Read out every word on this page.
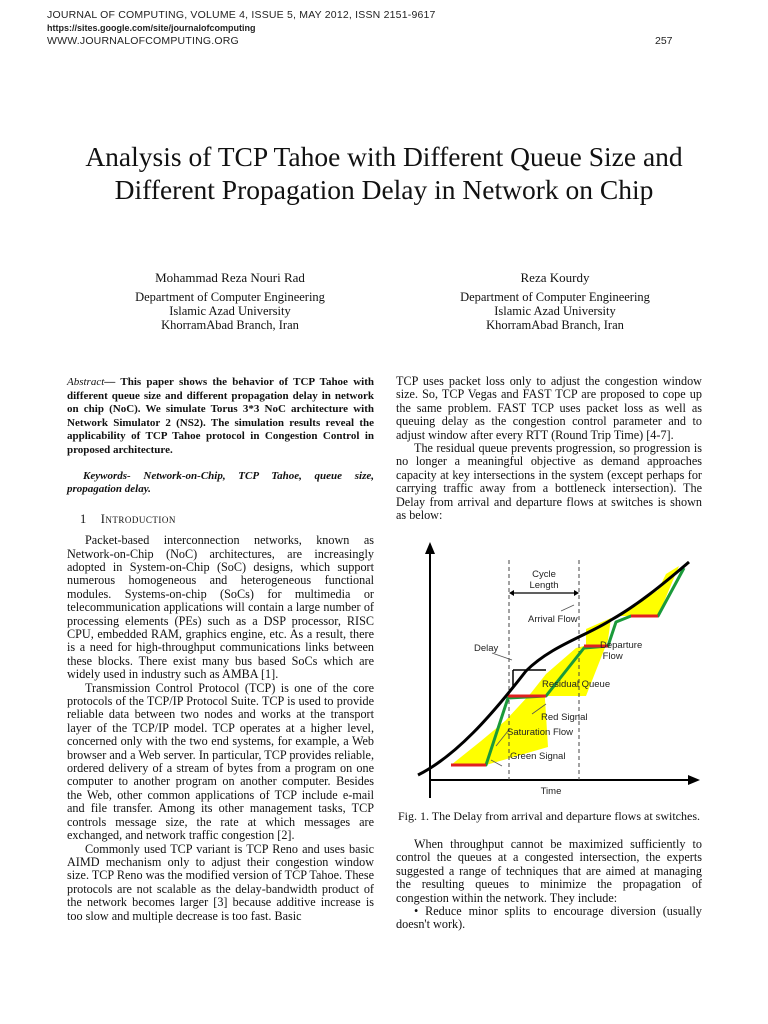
JOURNAL OF COMPUTING, VOLUME 4, ISSUE 5, MAY 2012, ISSN 2151-9617
https://sites.google.com/site/journalofcomputing
WWW.JOURNALOFCOMPUTING.ORG	257
Analysis of TCP Tahoe with Different Queue Size and Different Propagation Delay in Network on Chip
Mohammad Reza Nouri Rad
Department of Computer Engineering
Islamic Azad University
KhorramAbad Branch, Iran
Reza Kourdy
Department of Computer Engineering
Islamic Azad University
KhorramAbad Branch, Iran

Abstract— This paper shows the behavior of TCP Tahoe with different queue size and different propagation delay in network on chip (NoC). We simulate Torus 3*3 NoC architecture with Network Simulator 2 (NS2). The simulation results reveal the applicability of TCP Tahoe protocol in Congestion Control in proposed architecture.

Keywords- Network-on-Chip, TCP Tahoe, queue size, propagation delay.

1 Introduction

Packet-based interconnection networks, known as Network-on-Chip (NoC) architectures, are increasingly adopted in System-on-Chip (SoC) designs, which support numerous homogeneous and heterogeneous functional modules. Systems-on-chip (SoCs) for multimedia or telecommunication applications will contain a large number of processing elements (PEs) such as a DSP processor, RISC CPU, embedded RAM, graphics engine, etc. As a result, there is a need for high-throughput communications links between these blocks. There exist many bus based SoCs which are widely used in industry such as AMBA [1].

Transmission Control Protocol (TCP) is one of the core protocols of the TCP/IP Protocol Suite. TCP is used to provide reliable data between two nodes and works at the transport layer of the TCP/IP model. TCP operates at a higher level, concerned only with the two end systems, for example, a Web browser and a Web server. In particular, TCP provides reliable, ordered delivery of a stream of bytes from a program on one computer to another program on another computer. Besides the Web, other common applications of TCP include e-mail and file transfer. Among its other management tasks, TCP controls message size, the rate at which messages are exchanged, and network traffic congestion [2].

Commonly used TCP variant is TCP Reno and uses basic AIMD mechanism only to adjust their congestion window size. TCP Reno was the modified version of TCP Tahoe. These protocols are not scalable as the delay-bandwidth product of the network becomes larger [3] because additive increase is too slow and multiple decrease is too fast. Basic

TCP uses packet loss only to adjust the congestion window size. So, TCP Vegas and FAST TCP are proposed to cope up the same problem. FAST TCP uses packet loss as well as queuing delay as the congestion control parameter and to adjust window after every RTT (Round Trip Time) [4-7].

The residual queue prevents progression, so progression is no longer a meaningful objective as demand approaches capacity at key intersections in the system (except perhaps for carrying traffic away from a bottleneck intersection). The Delay from arrival and departure flows at switches is shown as below:

Cycle Length
Arrival Flow
Delay	Departure Flow
Residual Queue
Red Signal
Saturation Flow
Green Signal
Time

Fig. 1. The Delay from arrival and departure flows at switches.

When throughput cannot be maximized sufficiently to control the queues at a congested intersection, the experts suggested a range of techniques that are aimed at managing the resulting queues to minimize the propagation of congestion within the network. They include:

• Reduce minor splits to encourage diversion (usually doesn't work).
